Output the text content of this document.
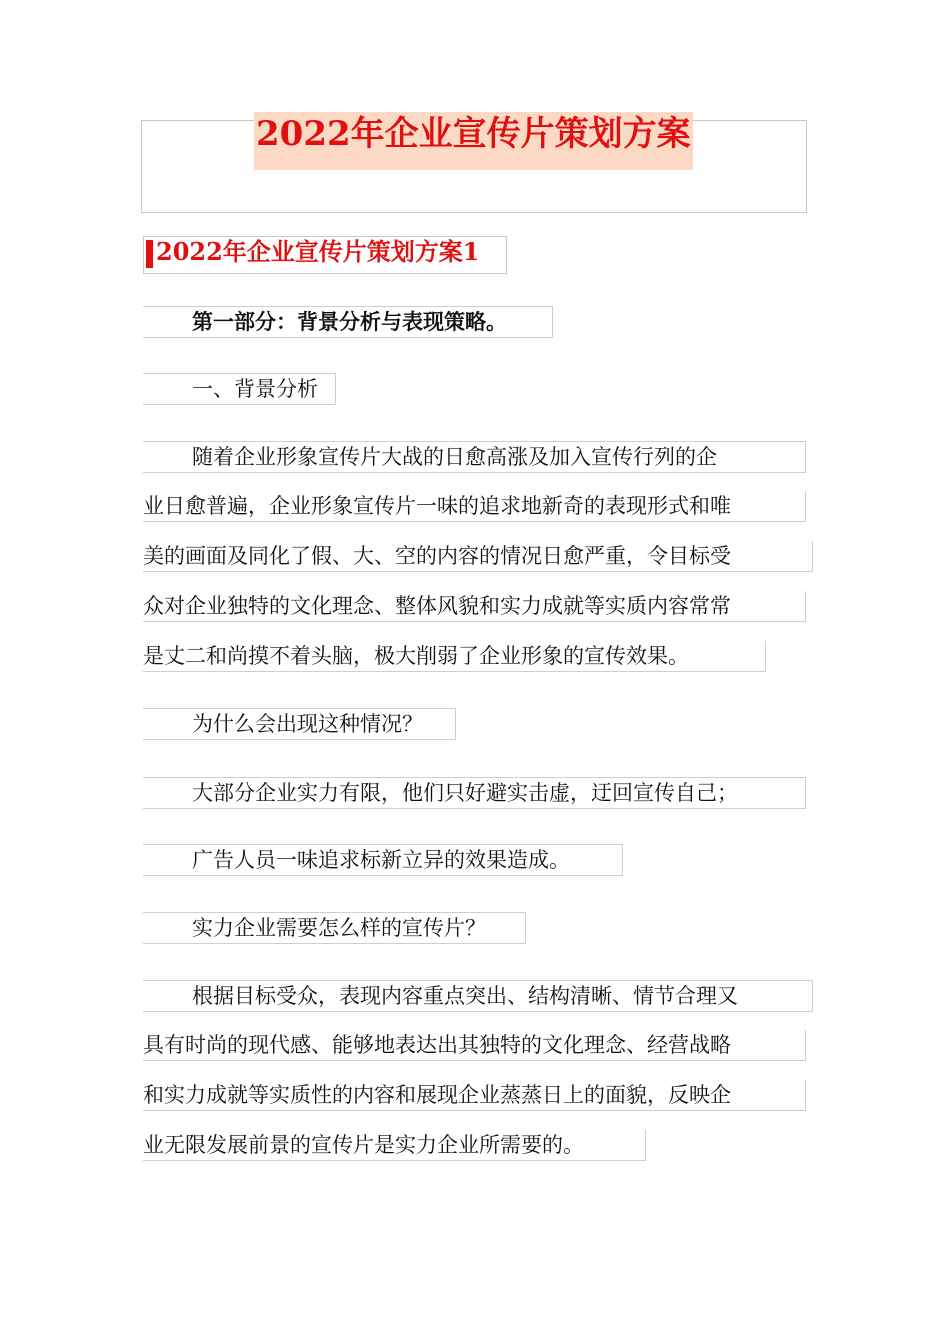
2022年企业宣传片策划方案
2022年企业宣传片策划方案1
第一部分：背景分析与表现策略。
一、背景分析
随着企业形象宣传片大战的日愈高涨及加入宣传行列的企
业日愈普遍，企业形象宣传片一味的追求地新奇的表现形式和唯
美的画面及同化了假、大、空的内容的情况日愈严重，令目标受
众对企业独特的文化理念、整体风貌和实力成就等实质内容常常
是丈二和尚摸不着头脑，极大削弱了企业形象的宣传效果。
为什么会出现这种情况？
大部分企业实力有限，他们只好避实击虚，迂回宣传自己；
广告人员一味追求标新立异的效果造成。
实力企业需要怎么样的宣传片？
根据目标受众，表现内容重点突出、结构清晰、情节合理又
具有时尚的现代感、能够地表达出其独特的文化理念、经营战略
和实力成就等实质性的内容和展现企业蒸蒸日上的面貌，反映企
业无限发展前景的宣传片是实力企业所需要的。
